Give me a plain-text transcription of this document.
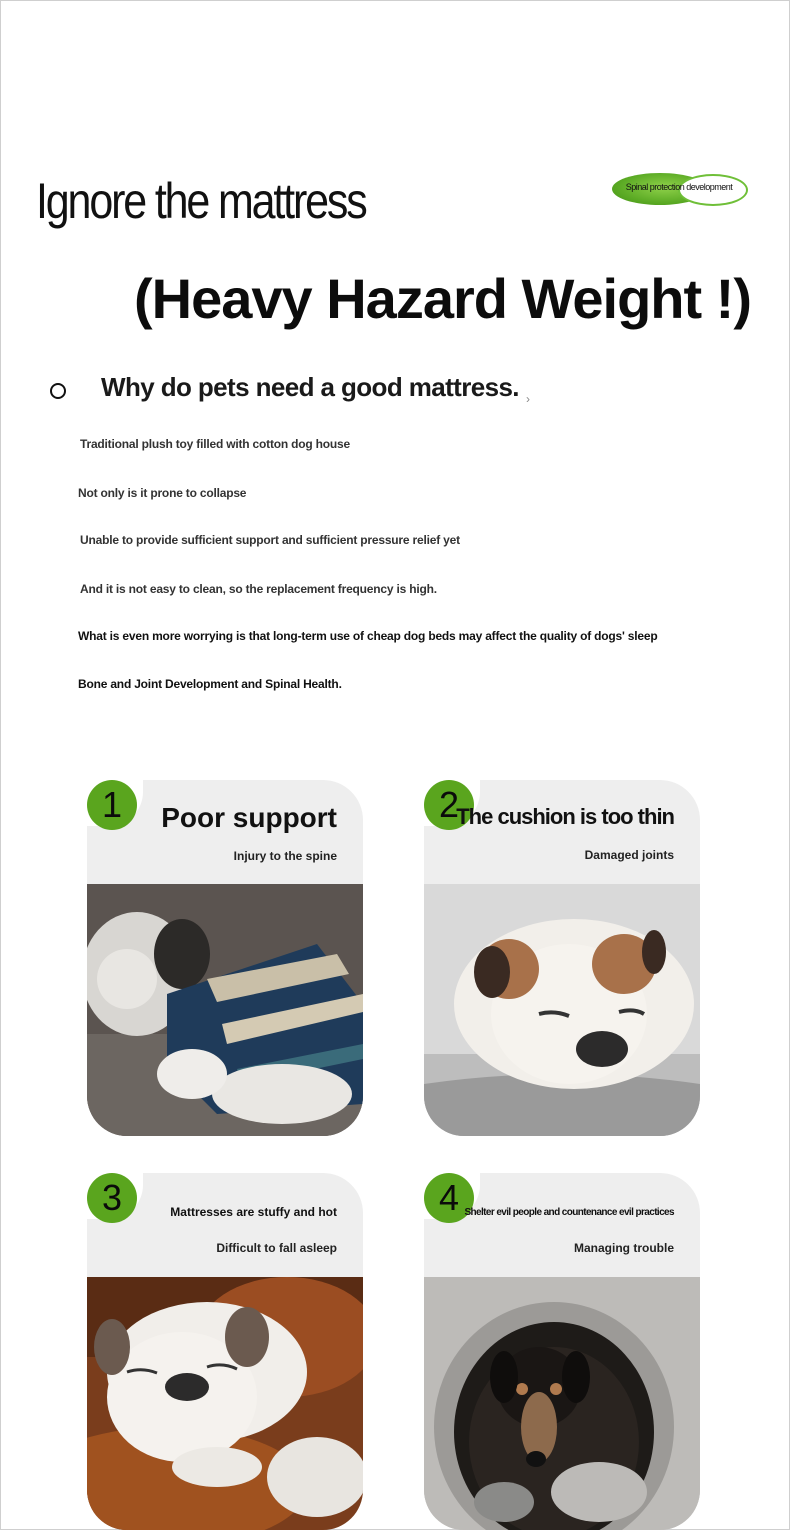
Ignore the mattress	Spinal protection development
(Heavy Hazard Weight !)
Why do pets need a good mattress. ›
Traditional plush toy filled with cotton dog house
Not only is it prone to collapse
Unable to provide sufficient support and sufficient pressure relief yet
And it is not easy to clean, so the replacement frequency is high.
What is even more worrying is that long-term use of cheap dog beds may affect the quality of dogs' sleep
Bone and Joint Development and Spinal Health.
1	Poor support
Injury to the spine
2
The cushion is too thin
Damaged joints
3	Mattresses are stuffy and hot
Difficult to fall asleep
4 Shelter evil people and countenance evil practices
Managing trouble
